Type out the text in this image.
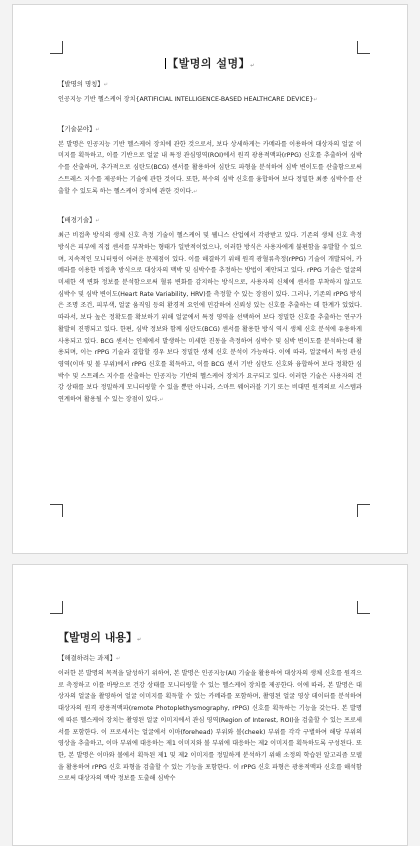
【발명의 설명】↵
【발명의 명칭】↵

인공지능 기반 헬스케어 장치{ARTIFICIAL INTELLIGENCE-BASED HEALTHCARE DEVICE}↵

【기술분야】↵

본 발명은 인공지능 기반 헬스케어 장치에 관한 것으로서, 보다 상세하게는 카메라를 이용하여 대상자의 얼굴 이미지를 획득하고, 이를 기반으로 얼굴 내 특정 관심영역(ROI)에서 원격 광용적맥파(rPPG) 신호를 추출하여 심박수를 산출하며, 추가적으로 심탄도(BCG) 센서를 활용하여 심탄도 파형을 분석하여 심박 변이도를 산출함으로써 스트레스 지수를 제공하는 기술에 관한 것이다. 또한, 복수의 심박 신호를 융합하여 보다 정밀한 최종 심박수를 산출할 수 있도록 하는 헬스케어 장치에 관한 것이다.↵

【배경기술】↵

최근 비접촉 방식의 생체 신호 측정 기술이 헬스케어 및 웰니스 산업에서 각광받고 있다. 기존의 생체 신호 측정 방식은 피부에 직접 센서를 부착하는 형태가 일반적이었으나, 이러한 방식은 사용자에게 불편함을 유발할 수 있으며, 지속적인 모니터링이 어려운 문제점이 있다. 이를 해결하기 위해 원격 광혈류측정(rPPG) 기술이 개발되어, 카메라를 이용한 비접촉 방식으로 대상자의 맥박 및 심박수를 추정하는 방법이 제안되고 있다. rPPG 기술은 얼굴의 미세한 색 변화 정보를 분석함으로써 혈류 변화를 감지하는 방식으로, 사용자의 신체에 센서를 부착하지 않고도 심박수 및 심박 변이도(Heart Rate Variability, HRV)를 측정할 수 있는 장점이 있다. 그러나, 기존의 rPPG 방식은 조명 조건, 피부색, 얼굴 움직임 등의 환경적 요인에 민감하여 신뢰성 있는 신호를 추출하는 데 한계가 있었다. 따라서, 보다 높은 정확도를 확보하기 위해 얼굴에서 특정 영역을 선택하여 보다 정밀한 신호를 추출하는 연구가 활발히 진행되고 있다. 한편, 심박 정보와 함께 심탄도(BCG) 센서를 활용한 방식 역시 생체 신호 분석에 유용하게 사용되고 있다. BCG 센서는 인체에서 발생하는 미세한 진동을 측정하여 심박수 및 심박 변이도를 분석하는데 활용되며, 이는 rPPG 기술과 결합할 경우 보다 정밀한 생체 신호 분석이 가능하다. 이에 따라, 얼굴에서 특정 관심 영역(이마 및 볼 부위)에서 rPPG 신호를 획득하고, 이를 BCG 센서 기반 심탄도 신호와 융합하여 보다 정확한 심박수 및 스트레스 지수를 산출하는 인공지능 기반의 헬스케어 장치가 요구되고 있다. 이러한 기술은 사용자의 건강 상태를 보다 정밀하게 모니터링할 수 있을 뿐만 아니라, 스마트 웨어러블 기기 또는 비대면 원격의료 시스템과 연계하여 활용될 수 있는 장점이 있다.↵

【발명의 내용】↵
【해결하려는 과제】↵

이러한 본 발명의 목적을 달성하기 위하여, 본 발명은 인공지능(AI) 기술을 활용하여 대상자의 생체 신호를 원격으로 측정하고 이를 바탕으로 건강 상태를 모니터링할 수 있는 헬스케어 장치를 제공한다. 이에 따라, 본 발명은 대상자의 얼굴을 촬영하여 얼굴 이미지를 획득할 수 있는 카메라를 포함하며, 촬영된 얼굴 영상 데이터를 분석하여 대상자의 원격 광용적맥파(remote Photoplethysmography, rPPG) 신호를 획득하는 기능을 갖는다. 본 발명에 따른 헬스케어 장치는 촬영된 얼굴 이미지에서 관심 영역(Region of Interest, ROI)을 검출할 수 있는 프로세서를 포함한다. 이 프로세서는 얼굴에서 이마(forehead) 부위와 볼(cheek) 부위를 각각 구별하여 해당 부위의 영상을 추출하고, 이마 부위에 대응하는 제1 이미지와 볼 부위에 대응하는 제2 이미지를 획득하도록 구성된다. 또한, 본 발명은 이마와 볼에서 획득된 제1 및 제2 이미지를 정밀하게 분석하기 위해 소정의 학습된 알고리즘 모델을 활용하여 rPPG 신호 파형을 검출할 수 있는 기능을 포함한다. 이 rPPG 신호 파형은 광용적맥파 신호를 해석함으로써 대상자의 맥박 정보를 도출해 심박수
